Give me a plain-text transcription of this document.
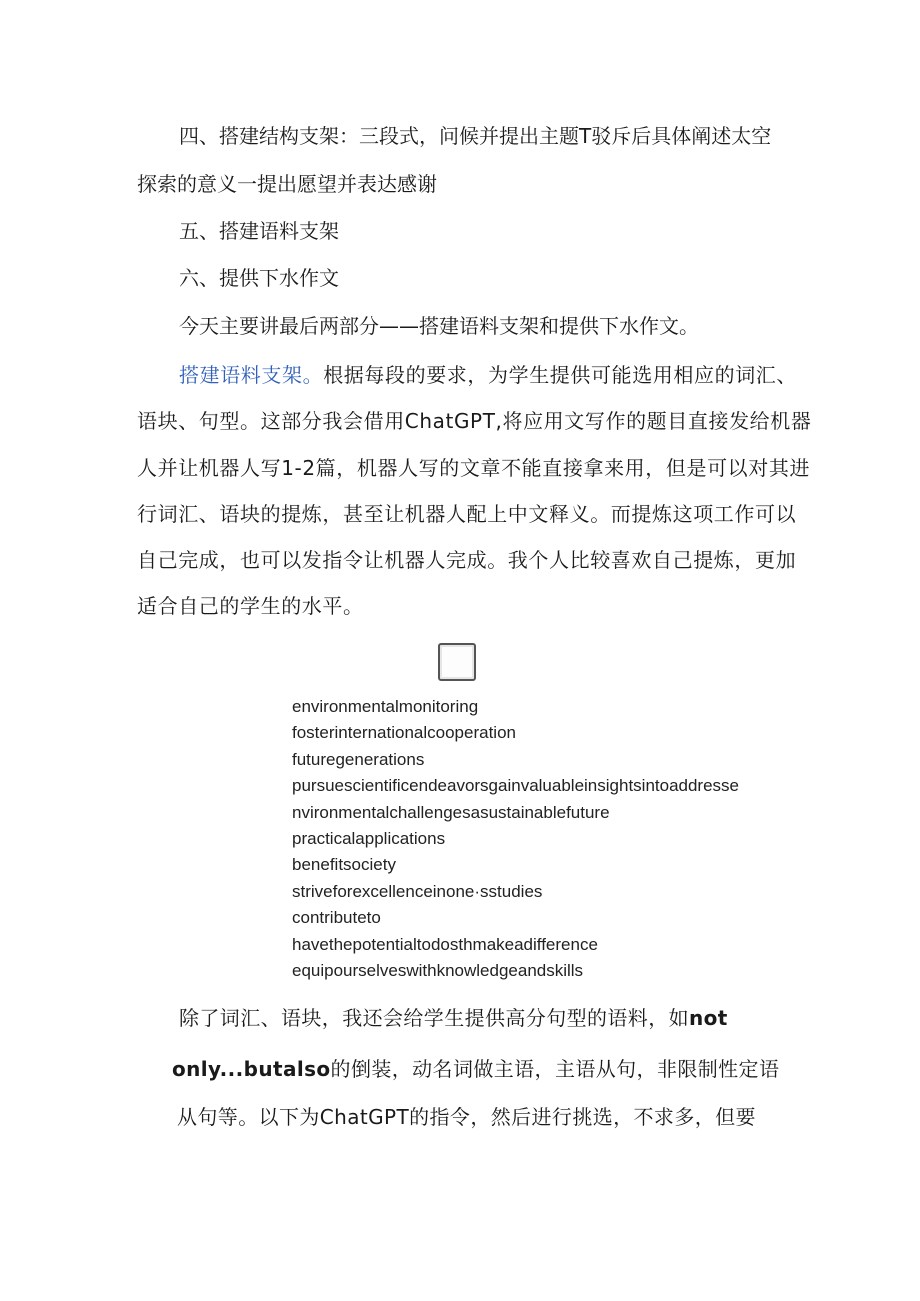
四、搭建结构支架：三段式，问候并提出主题T驳斥后具体阐述太空
探索的意义一提出愿望并表达感谢
五、搭建语料支架
六、提供下水作文
今天主要讲最后两部分——搭建语料支架和提供下水作文。
搭建语料支架。根据每段的要求，为学生提供可能选用相应的词汇、
语块、句型。这部分我会借用ChatGPT,将应用文写作的题目直接发给机器
人并让机器人写1-2篇，机器人写的文章不能直接拿来用，但是可以对其进
行词汇、语块的提炼，甚至让机器人配上中文释义。而提炼这项工作可以
自己完成，也可以发指令让机器人完成。我个人比较喜欢自己提炼，更加
适合自己的学生的水平。
environmentalmonitoring
fosterinternationalcooperation
futuregenerations
pursuescientificendeavorsgainvaluableinsightsintoaddresse
nvironmentalchallengesasustainablefuture
practicalapplications
benefitsociety
striveforexcellenceinone·sstudies
contributeto
havethepotentialtodosthmakeadifference
equipourselveswithknowledgeandskills
除了词汇、语块，我还会给学生提供高分句型的语料，如not
only...butalso的倒装，动名词做主语，主语从句，非限制性定语
从句等。以下为ChatGPT的指令，然后进行挑选，不求多，但要
